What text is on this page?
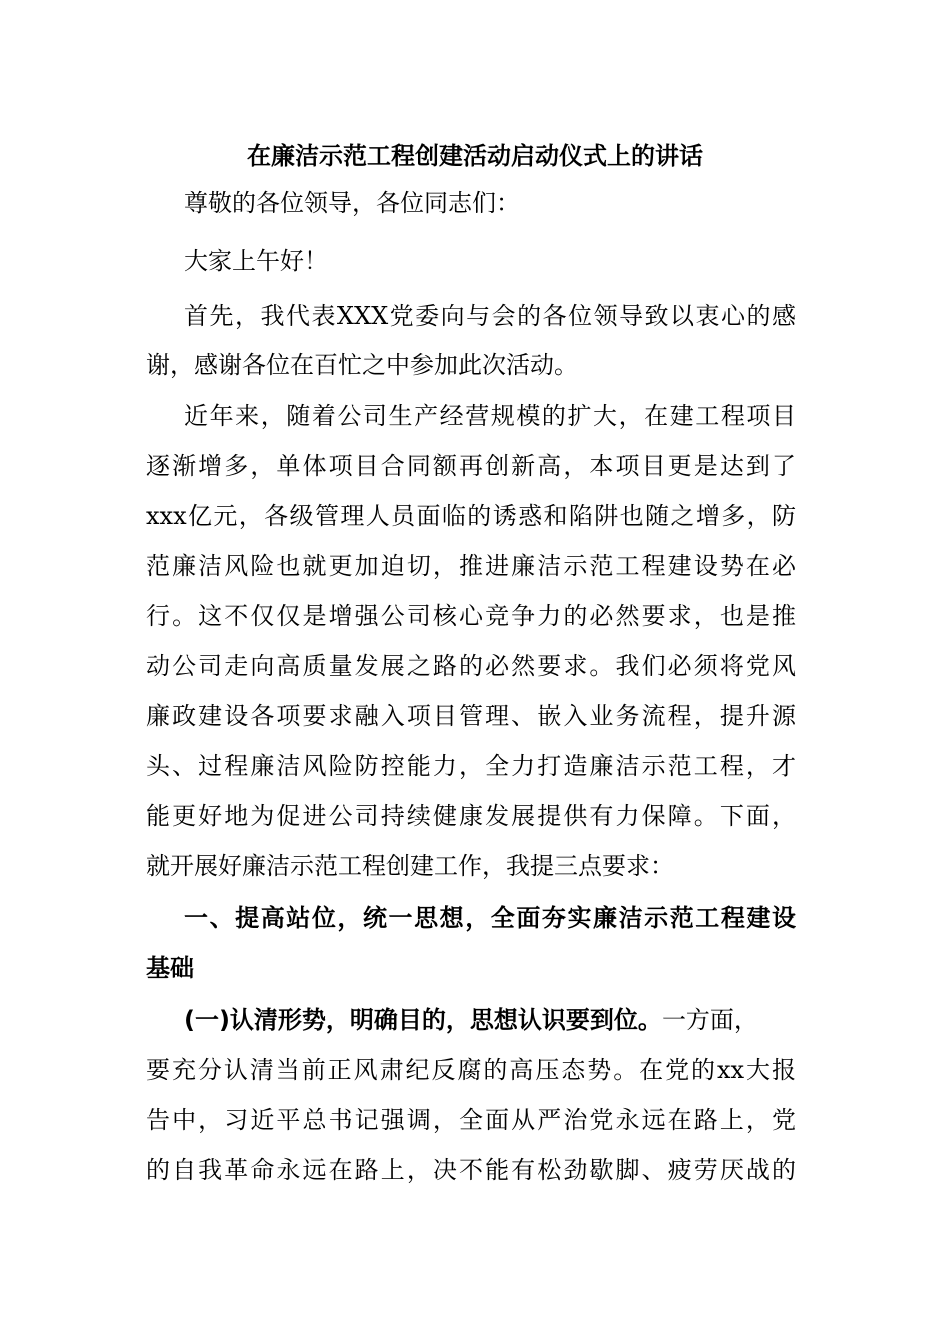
在廉洁示范工程创建活动启动仪式上的讲话

尊敬的各位领导，各位同志们：

大家上午好！

首先，我代表XXX党委向与会的各位领导致以衷心的感

谢，感谢各位在百忙之中参加此次活动。

近年来，随着公司生产经营规模的扩大，在建工程项目

逐渐增多，单体项目合同额再创新高，本项目更是达到了

xxx亿元，各级管理人员面临的诱惑和陷阱也随之增多，防

范廉洁风险也就更加迫切，推进廉洁示范工程建设势在必

行。这不仅仅是增强公司核心竞争力的必然要求，也是推

动公司走向高质量发展之路的必然要求。我们必须将党风

廉政建设各项要求融入项目管理、嵌入业务流程，提升源

头、过程廉洁风险防控能力，全力打造廉洁示范工程，才

能更好地为促进公司持续健康发展提供有力保障。下面，

就开展好廉洁示范工程创建工作，我提三点要求：

一、提高站位，统一思想，全面夯实廉洁示范工程建设

基础

(一)认清形势，明确目的，思想认识要到位。一方面，

要充分认清当前正风肃纪反腐的高压态势。在党的xx大报

告中，习近平总书记强调，全面从严治党永远在路上，党

的自我革命永远在路上，决不能有松劲歇脚、疲劳厌战的
